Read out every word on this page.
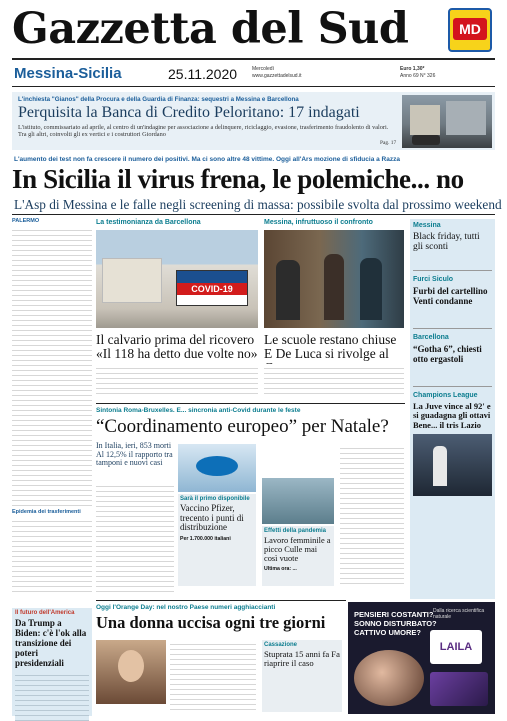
Gazzetta del Sud	MD
Messina-Sicilia	25.11.2020	Mercoledì
www.gazzettadelsud.it
Euro 1,30*
Anno 69 N° 326
L'inchiesta "Gianos" della Procura e della Guardia di Finanza: sequestri a Messina e Barcellona
Perquisita la Banca di Credito Peloritano: 17 indagati
L'istituto, commissariato ad aprile, al centro di un'indagine per associazione a delinquere, riciclaggio, evasione, trasferimento fraudolento di valori. Tra gli altri, coinvolti gli ex vertici e i costruttori Giordano
Pag. 17
L'aumento dei test non fa crescere il numero dei positivi. Ma ci sono altre 48 vittime. Oggi all'Ars mozione di sfiducia a Razza
In Sicilia il virus frena, le polemiche... no
L'Asp di Messina e le falle negli screening di massa: possibile svolta dal prossimo weekend
PALERMO
Epidemia dei trasferimenti
Il futuro dell'America
Da Trump a Biden: c'è l'ok alla transizione dei poteri presidenziali
La testimonianza da Barcellona
COVID-19
Il calvario prima del ricovero «Il 118 ha detto due volte no»
Messina, infruttuoso il confronto
Le scuole restano chiuse E De Luca si rivolge al
Sintonia Roma-Bruxelles. E... sincronia anti-Covid durante le feste
“Coordinamento europeo” per Natale?
In Italia, ieri, 853 morti Al 12,5% il rapporto tra tamponi e nuovi casi
Sarà il primo disponibile
Vaccino Pfizer, trecento i punti di distribuzione
Per 1.700.000 italiani
Effetti della pandemia
Lavoro femminile a picco Culle mai così vuote
Ultima ora: ...
Messina
Black friday, tutti gli sconti
Furci Siculo
Furbi del cartellino Venti condanne
Barcellona
“Gotha 6”, chiesti otto ergastoli
Champions League
La Juve vince al 92' e si guadagna gli ottavi Bene... il tris Lazio
Oggi l'Orange Day: nel nostro Paese numeri agghiaccianti
Una donna uccisa ogni tre giorni
Cassazione
Stuprata 15 anni fa Fa riaprire il caso
PENSIERI COSTANTI?
SONNO DISTURBATO?
CATTIVO UMORE?
Dalla ricerca scientifica naturale
LAILA
